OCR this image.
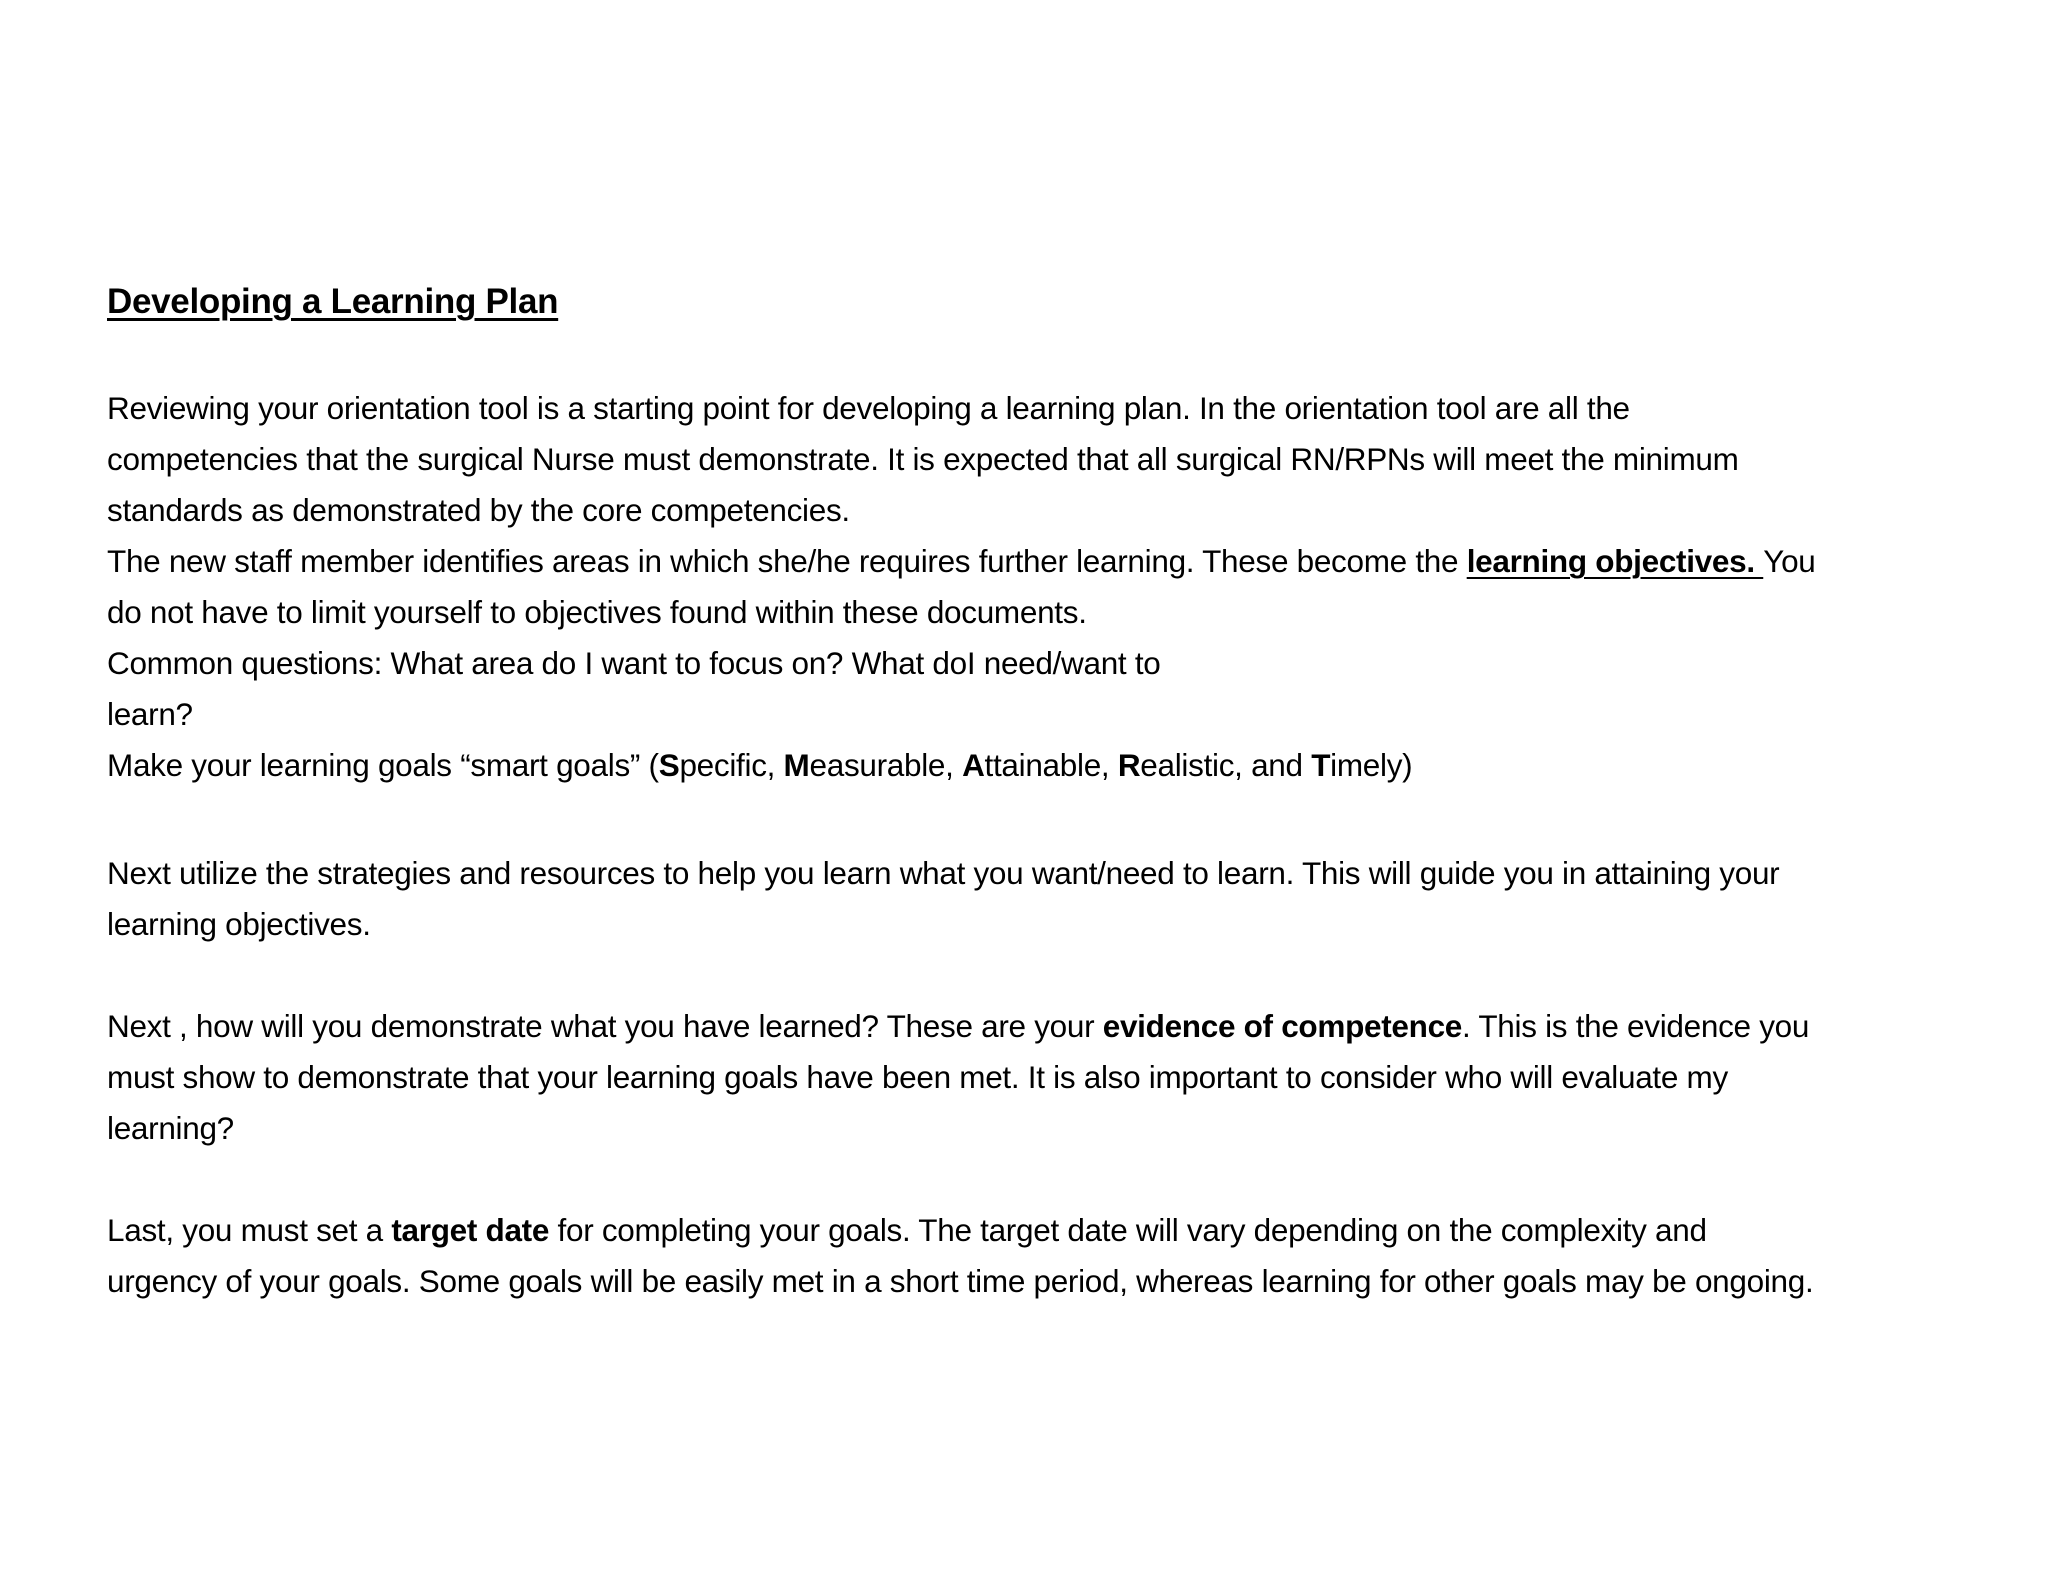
Developing a Learning Plan
Reviewing your orientation tool is a starting point for developing a learning plan. In the orientation tool are all the
competencies that the surgical Nurse must demonstrate. It is expected that all surgical RN/RPNs will meet the minimum
standards as demonstrated by the core competencies.
The new staff member identifies areas in which she/he requires further learning. These become the learning objectives. You
do not have to limit yourself to objectives found within these documents.
Common questions: What area do I want to focus on? What doI need/want to
learn?
Make your learning goals “smart goals” (Specific, Measurable, Attainable, Realistic, and Timely)
Next utilize the strategies and resources to help you learn what you want/need to learn. This will guide you in attaining your
learning objectives.
Next , how will you demonstrate what you have learned? These are your evidence of competence. This is the evidence you
must show to demonstrate that your learning goals have been met. It is also important to consider who will evaluate my
learning?
Last, you must set a target date for completing your goals. The target date will vary depending on the complexity and
urgency of your goals. Some goals will be easily met in a short time period, whereas learning for other goals may be ongoing.
